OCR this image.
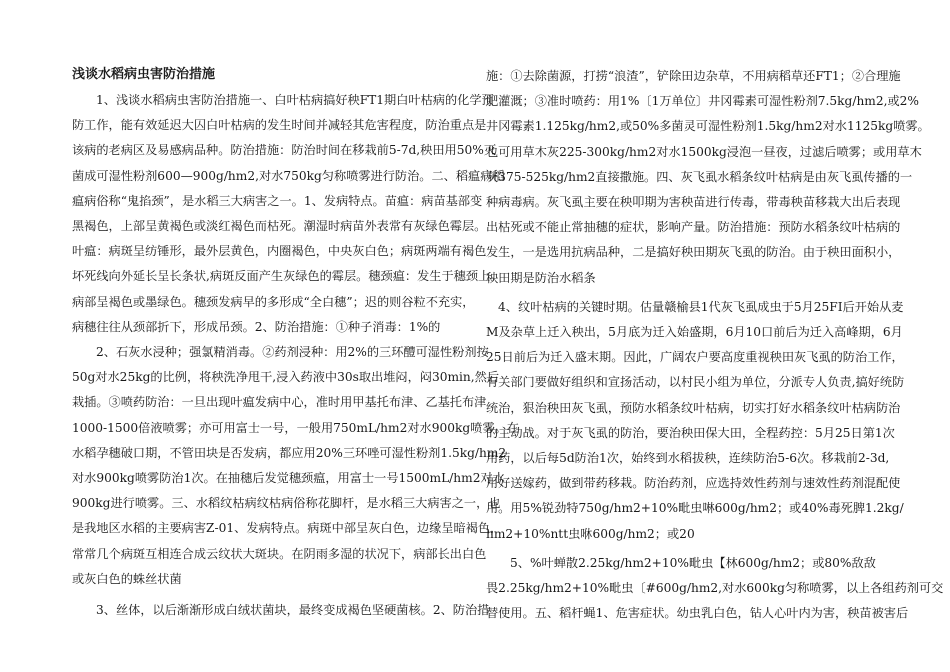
浅谈水稻病虫害防治措施
1、浅谈水稻病虫害防治措施一、白叶枯病搞好秧FT1期白叶枯病的化学预
防工作，能有效延迟大囚白叶枯病的发生时间并减轻其危害程度，防治重点是
该病的老病区及易感病品种。防治措施：防治时间在移栽前5-7d,秧田用50%灭
菌成可湿性粉剂600—900g/hm2,对水750kg匀称喷雾进行防治。二、稻瘟病稻
瘟病俗称“鬼掐颈”，是水稻三大病害之一。1、发病特点。苗瘟：病苗基部变
黑褐色，上部呈黄褐色或淡红褐色而枯死。潮湿时病苗外表常有灰绿色霉层。
叶瘟：病斑呈纺锤形，最外层黄色，内圈褐色，中央灰白色；病斑两端有褐色
坏死线向外延长呈长条状,病斑反面产生灰绿色的霉层。穗颈瘟：发生于穗颈上。
病部呈褐色或墨绿色。穗颈发病早的多形成“全白穗”；迟的则谷粒不充实，
病穗往往从颈部折下，形成吊颈。2、防治措施：①种子消毒：1%的
2、石灰水浸种；强氯精消毒。②药剂浸种：用2%的三环醴可湿性粉剂按
50g对水25kg的比例，将秧洗净甩干,浸入药液中30s取出堆闷，闷30min,然后
栽插。③喷药防治：一旦出现叶瘟发病中心，准时用甲基托布津、乙基托布津
1000-1500倍液喷雾；亦可用富士一号，一般用750mL/hm2对水900kg喷雾。在
水稻孕穗破口期，不管田块是否发病，都应用20%三环唑可湿性粉剂1.5kg/hm2
对水900kg喷雾防治1次。在抽穗后发觉穗颈瘟，用富士一号1500mL/hm2对水
900kg进行喷雾。三、水稻纹枯病纹枯病俗称花脚杆，是水稻三大病害之一，也
是我地区水稻的主要病害Z-01、发病特点。病斑中部呈灰白色，边缘呈暗褐色，
常常几个病斑互相连合成云纹状大斑块。在阴雨多湿的状况下，病部长出白色
或灰白色的蛛丝状菌
3、丝体，以后渐渐形成白绒状菌块，最终变成褐色坚硬菌核。2、防治措
施：①去除菌源，打捞“浪渣”，铲除田边杂草，不用病稻草还FT1；②合理施
肥灌溉；③准时喷药：用1%〔1万单位〕井冈霉素可湿性粉剂7.5kg/hm2,或2%
井冈霉素1.125kg/hm2,或50%多菌灵可湿性粉剂1.5kg/hm2对水1125kg喷雾。
也可用草木灰225-300kg/hm2对水1500kg浸泡一昼夜，过滤后喷雾；或用草木
灰375-525kg/hm2直接撒施。四、灰飞虱水稻条纹叶枯病是由灰飞虱传播的一
种病毒病。灰飞虱主要在秧叩期为害秧苗进行传毒，带毒秧苗移栽大出后表现
出枯死或不能止常抽穗的症状，影响产量。防治措施：预防水稻条纹叶枯病的
发生，一是选用抗病品种，二是搞好秧田期灰飞虱的防治。由于秧田面积小，
秧田期是防治水稻条
4、纹叶枯病的关键时期。估量赣榆县1代灰飞虱成虫于5月25FI后开始从麦
M及杂草上迁入秧出，5月底为迁入始盛期，6月10口前后为迁入高峰期，6月
25日前后为迁入盛末期。因此，广阔农户要高度重视秧田灰飞虱的防治工作，
有关部门要做好组织和宣扬活动，以村民小组为单位，分派专人负责,搞好统防
统治，狠治秧田灰飞虱，预防水稻条纹叶枯病，切实打好水稻条纹叶枯病防治
的主动战。对于灰飞虱的防治，要治秧田保大田，全程药控：5月25日第1次
用药，以后每5d防治1次，始终到水稻拔秧，连续防治5-6次。移栽前2-3d,
用好送嫁药，做到带药移栽。防治药剂，应选持效性药剂与速效性药剂混配使
用。用5%锐劲特750g/hm2+10%毗虫啉600g/hm2；或40%毒死脾1.2kg/
hm2+10%ntt虫咻600g/hm2；或20
5、%叶蝉散2.25kg/hm2+10%毗虫【林600g/hm2；或80%敌敌
畏2.25kg/hm2+10%毗虫〔#600g/hm2,对水600kg匀称喷雾，以上各组药剂可交
替使用。五、稻杆蝇1、危害症状。幼虫乳白色，钻人心叶内为害，秧苗被害后
